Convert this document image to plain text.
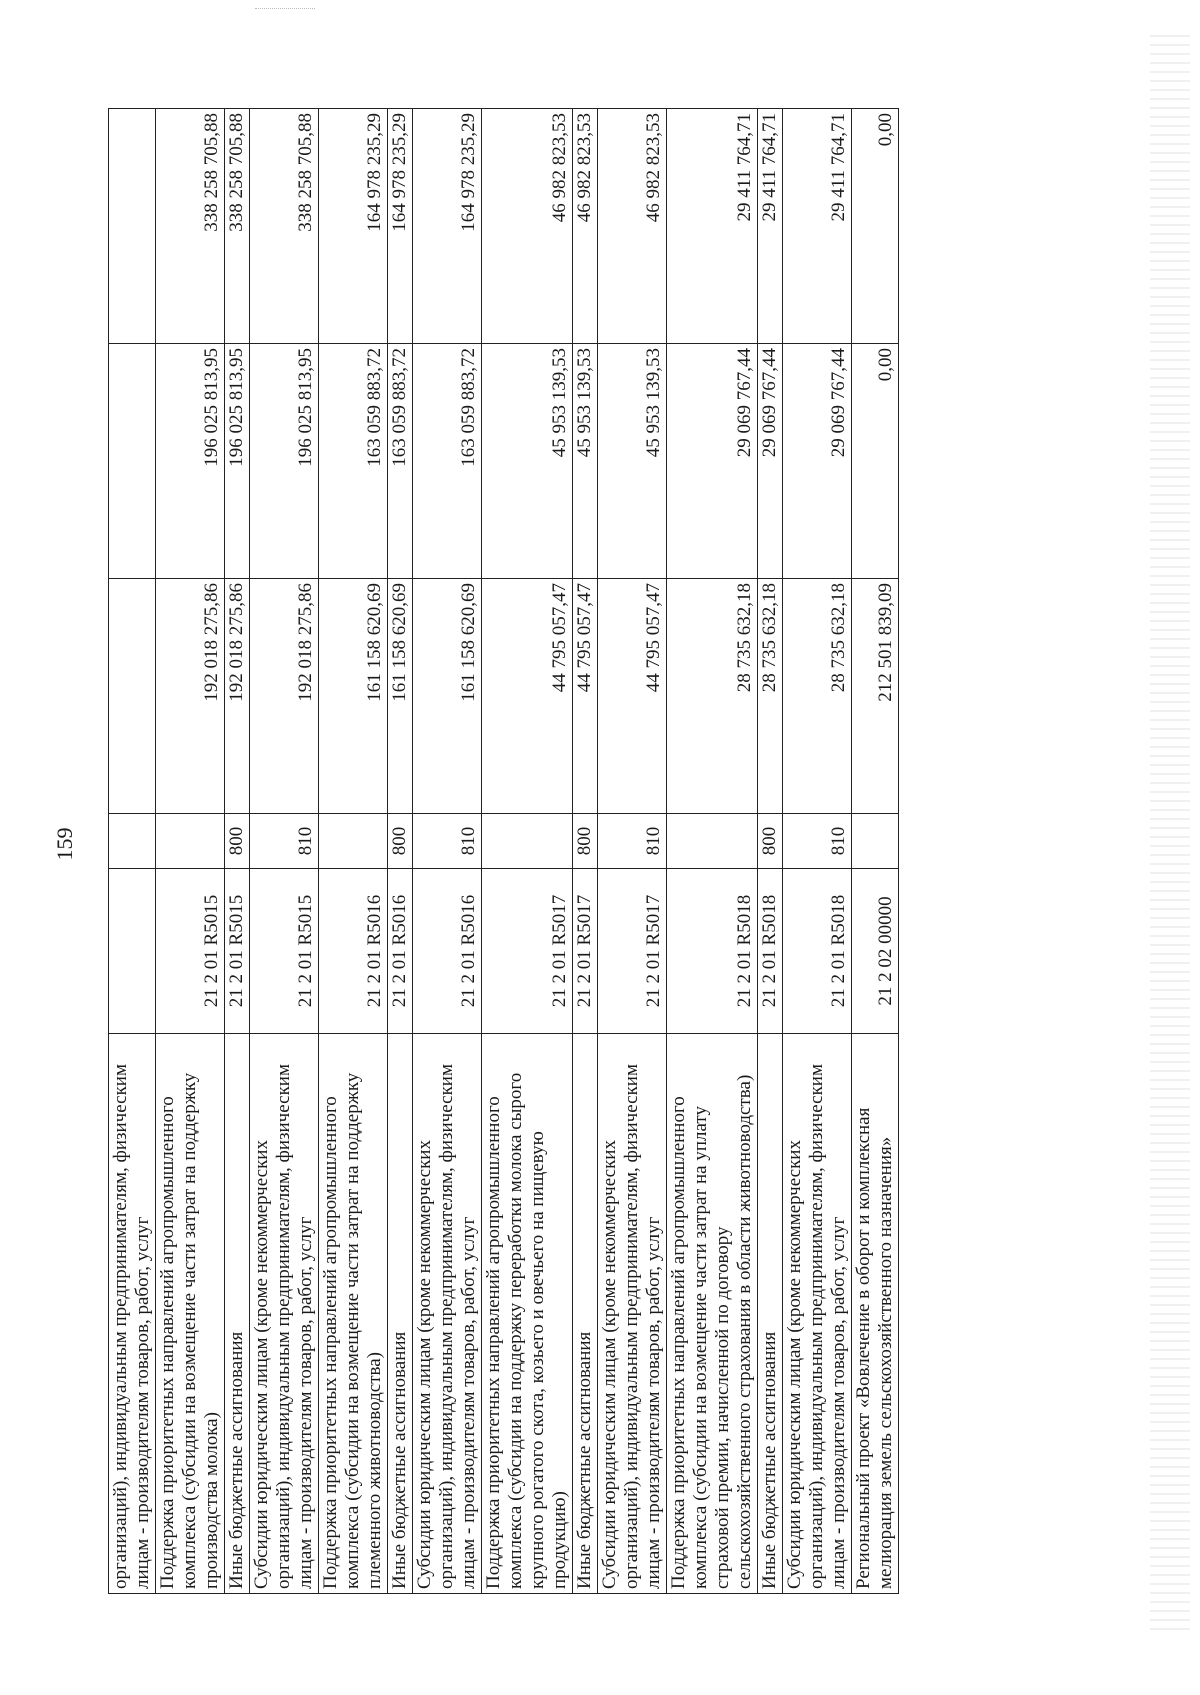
159
организаций), индивидуальным предпринимателям, физическим лицам - производителям товаров, работ, услуг					
Поддержка приоритетных направлений агропромышленного комплекса (субсидии на возмещение части затрат на поддержку производства молока)	21 2 01 R5015		192 018 275,86	196 025 813,95	338 258 705,88
Иные бюджетные ассигнования	21 2 01 R5015	800	192 018 275,86	196 025 813,95	338 258 705,88
Субсидии юридическим лицам (кроме некоммерческих организаций), индивидуальным предпринимателям, физическим лицам - производителям товаров, работ, услуг	21 2 01 R5015	810	192 018 275,86	196 025 813,95	338 258 705,88
Поддержка приоритетных направлений агропромышленного комплекса (субсидии на возмещение части затрат на поддержку племенного животноводства)	21 2 01 R5016		161 158 620,69	163 059 883,72	164 978 235,29
Иные бюджетные ассигнования	21 2 01 R5016	800	161 158 620,69	163 059 883,72	164 978 235,29
Субсидии юридическим лицам (кроме некоммерческих организаций), индивидуальным предпринимателям, физическим лицам - производителям товаров, работ, услуг	21 2 01 R5016	810	161 158 620,69	163 059 883,72	164 978 235,29
Поддержка приоритетных направлений агропромышленного комплекса (субсидии на поддержку переработки молока сырого крупного рогатого скота, козьего и овечьего на пищевую продукцию)	21 2 01 R5017		44 795 057,47	45 953 139,53	46 982 823,53
Иные бюджетные ассигнования	21 2 01 R5017	800	44 795 057,47	45 953 139,53	46 982 823,53
Субсидии юридическим лицам (кроме некоммерческих организаций), индивидуальным предпринимателям, физическим лицам - производителям товаров, работ, услуг	21 2 01 R5017	810	44 795 057,47	45 953 139,53	46 982 823,53
Поддержка приоритетных направлений агропромышленного комплекса (субсидии на возмещение части затрат на уплату страховой премии, начисленной по договору сельскохозяйственного страхования в области животноводства)	21 2 01 R5018		28 735 632,18	29 069 767,44	29 411 764,71
Иные бюджетные ассигнования	21 2 01 R5018	800	28 735 632,18	29 069 767,44	29 411 764,71
Субсидии юридическим лицам (кроме некоммерческих организаций), индивидуальным предпринимателям, физическим лицам - производителям товаров, работ, услуг	21 2 01 R5018	810	28 735 632,18	29 069 767,44	29 411 764,71
Региональный проект «Вовлечение в оборот и комплексная мелиорация земель сельскохозяйственного назначения»	21 2 02 00000		212 501 839,09	0,00	0,00
